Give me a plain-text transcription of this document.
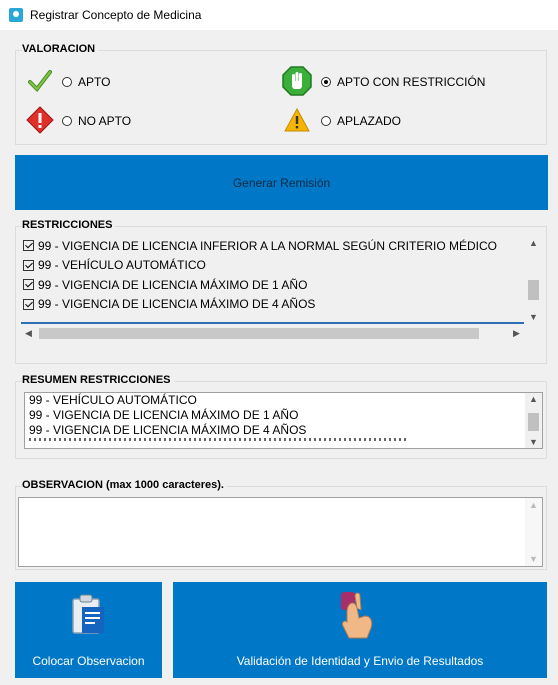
Registrar Concepto de Medicina
VALORACION
APTO
NO APTO
APTO CON RESTRICCIÓN
APLAZADO
Generar Remisión
RESTRICCIONES
99 - VIGENCIA DE LICENCIA INFERIOR A LA NORMAL SEGÚN CRITERIO MÉDICO
99 - VEHÍCULO AUTOMÁTICO
99 - VIGENCIA DE LICENCIA MÁXIMO DE 1 AÑO
99 - VIGENCIA DE LICENCIA MÁXIMO DE 4 AÑOS
▲
▼
◀	▶
RESUMEN RESTRICCIONES
99 - VEHÍCULO AUTOMÁTICO
99 - VIGENCIA DE LICENCIA MÁXIMO DE 1 AÑO
99 - VIGENCIA DE LICENCIA MÁXIMO DE 4 AÑOS
▲
▼
OBSERVACION (max 1000 caracteres).
▲
▼
Colocar Observacion	Validación de Identidad y Envio de Resultados
